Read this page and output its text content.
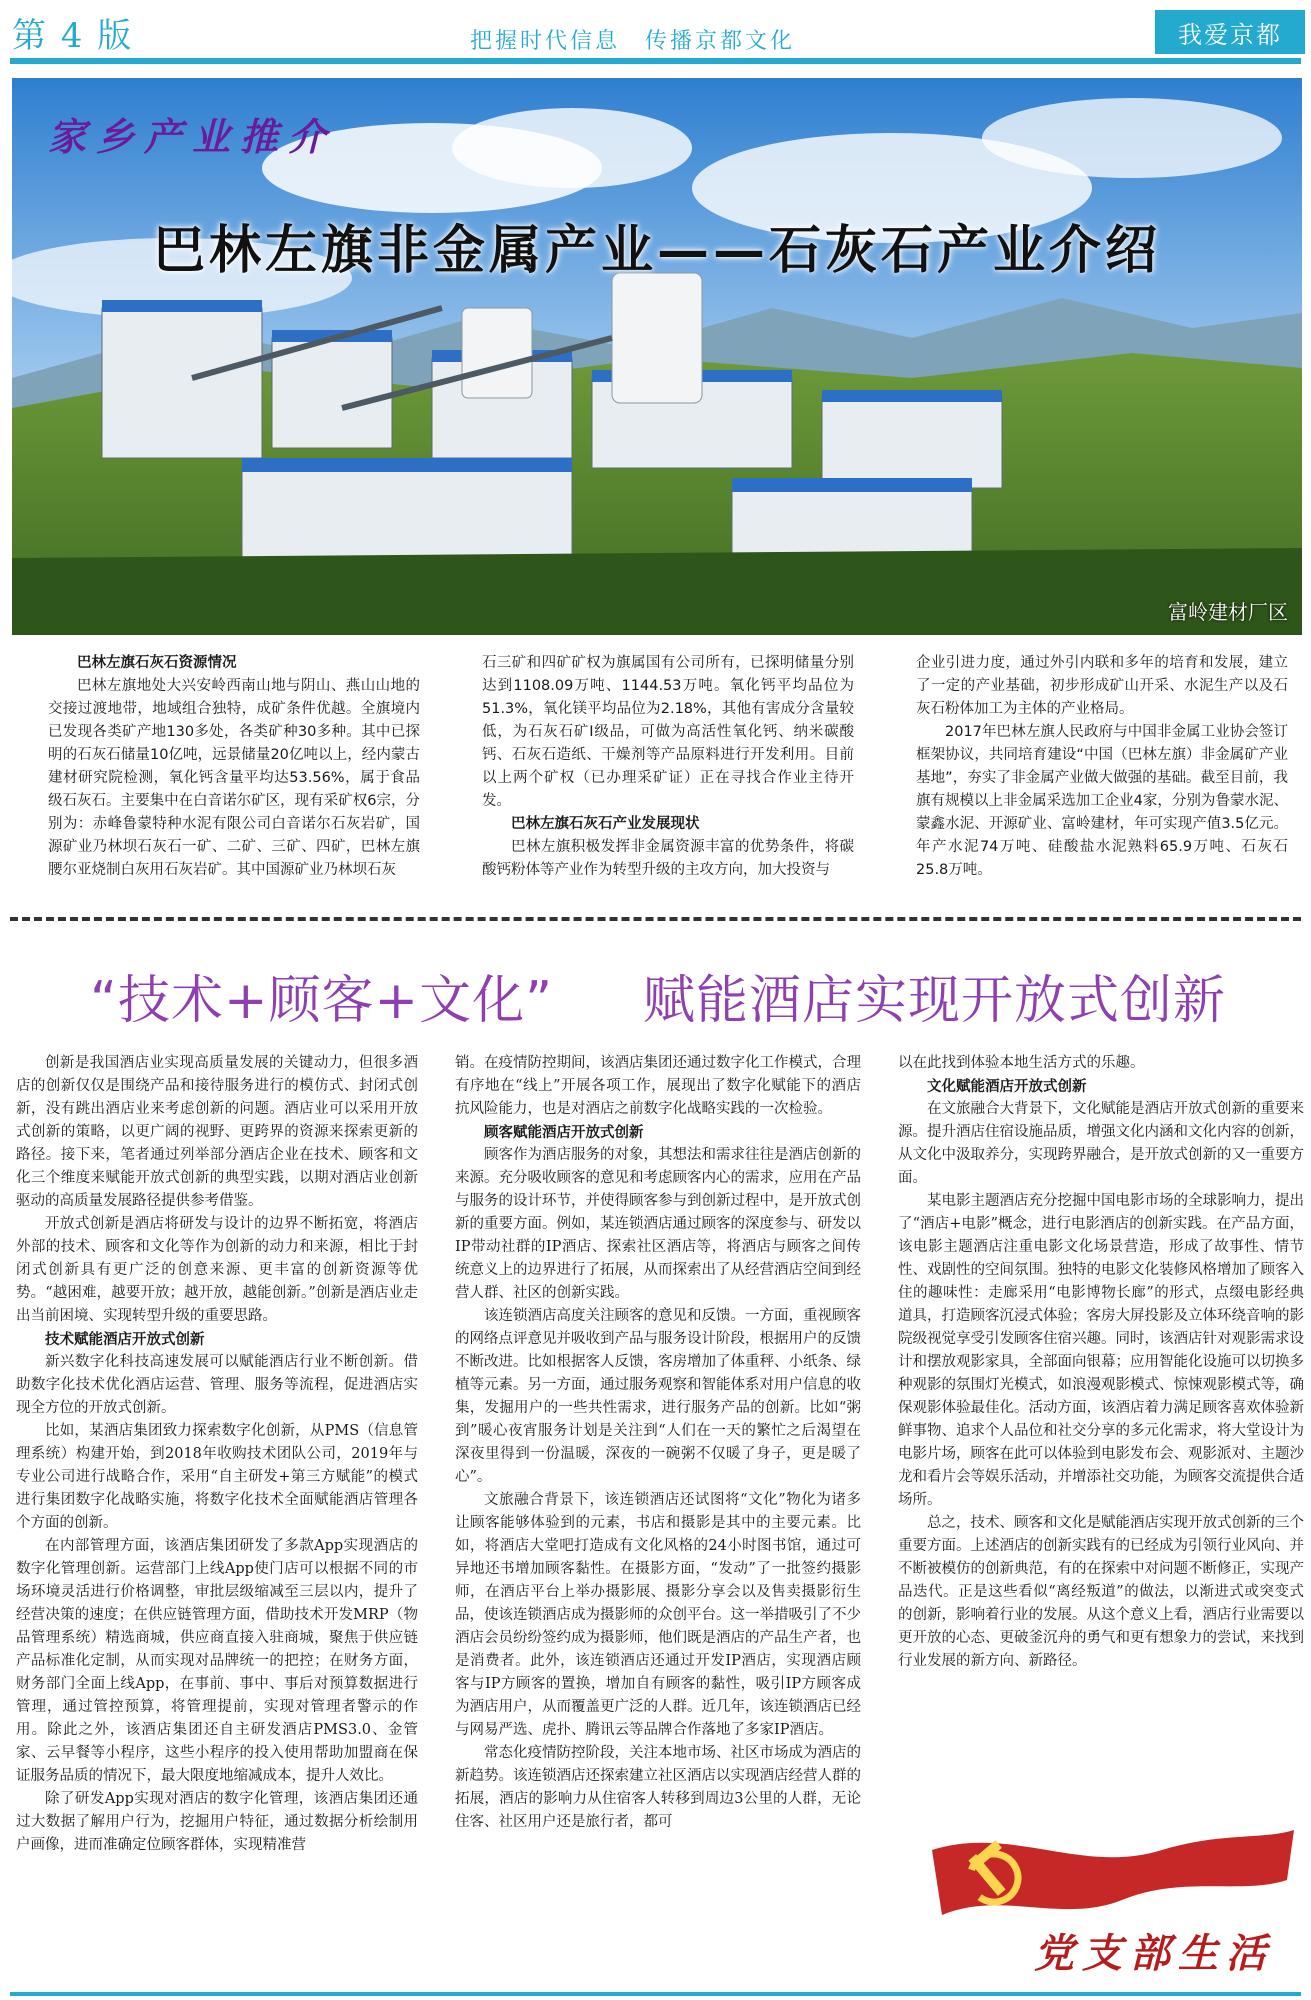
第 4 版	把握时代信息　传播京都文化	我爱京都
家乡产业推介
巴林左旗非金属产业——石灰石产业介绍
富岭建材厂区
巴林左旗石灰石资源情况

巴林左旗地处大兴安岭西南山地与阴山、燕山山地的交接过渡地带，地域组合独特，成矿条件优越。全旗境内已发现各类矿产地130多处，各类矿种30多种。其中已探明的石灰石储量10亿吨，远景储量20亿吨以上，经内蒙古建材研究院检测，氧化钙含量平均达53.56%，属于食品级石灰石。主要集中在白音诺尔矿区，现有采矿权6宗，分别为：赤峰鲁蒙特种水泥有限公司白音诺尔石灰岩矿，国源矿业乃林坝石灰石一矿、二矿、三矿、四矿，巴林左旗腰尔亚烧制白灰用石灰岩矿。其中国源矿业乃林坝石灰

石三矿和四矿矿权为旗属国有公司所有，已探明储量分别达到1108.09万吨、1144.53万吨。氧化钙平均品位为51.3%，氧化镁平均品位为2.18%，其他有害成分含量较低，为石灰石矿Ⅰ级品，可做为高活性氧化钙、纳米碳酸钙、石灰石造纸、干燥剂等产品原料进行开发利用。目前以上两个矿权（已办理采矿证）正在寻找合作业主待开发。

巴林左旗石灰石产业发展现状

巴林左旗积极发挥非金属资源丰富的优势条件，将碳酸钙粉体等产业作为转型升级的主攻方向，加大投资与

企业引进力度，通过外引内联和多年的培育和发展，建立了一定的产业基础，初步形成矿山开采、水泥生产以及石灰石粉体加工为主体的产业格局。

2017年巴林左旗人民政府与中国非金属工业协会签订框架协议，共同培育建设“中国（巴林左旗）非金属矿产业基地”，夯实了非金属产业做大做强的基础。截至目前，我旗有规模以上非金属采选加工企业4家，分别为鲁蒙水泥、蒙鑫水泥、开源矿业、富岭建材，年可实现产值3.5亿元。年产水泥74万吨、硅酸盐水泥熟料65.9万吨、石灰石25.8万吨。

“技术+顾客+文化” 赋能酒店实现开放式创新

创新是我国酒店业实现高质量发展的关键动力，但很多酒店的创新仅仅是围绕产品和接待服务进行的模仿式、封闭式创新，没有跳出酒店业来考虑创新的问题。酒店业可以采用开放式创新的策略，以更广阔的视野、更跨界的资源来探索更新的路径。接下来，笔者通过列举部分酒店企业在技术、顾客和文化三个维度来赋能开放式创新的典型实践，以期对酒店业创新驱动的高质量发展路径提供参考借鉴。

开放式创新是酒店将研发与设计的边界不断拓宽，将酒店外部的技术、顾客和文化等作为创新的动力和来源，相比于封闭式创新具有更广泛的创意来源、更丰富的创新资源等优势。“越困难，越要开放；越开放，越能创新。”创新是酒店业走出当前困境、实现转型升级的重要思路。

技术赋能酒店开放式创新

新兴数字化科技高速发展可以赋能酒店行业不断创新。借助数字化技术优化酒店运营、管理、服务等流程，促进酒店实现全方位的开放式创新。

比如，某酒店集团致力探索数字化创新，从PMS（信息管理系统）构建开始，到2018年收购技术团队公司，2019年与专业公司进行战略合作，采用“自主研发+第三方赋能”的模式进行集团数字化战略实施，将数字化技术全面赋能酒店管理各个方面的创新。

在内部管理方面，该酒店集团研发了多款App实现酒店的数字化管理创新。运营部门上线App使门店可以根据不同的市场环境灵活进行价格调整，审批层级缩减至三层以内，提升了经营决策的速度；在供应链管理方面，借助技术开发MRP（物品管理系统）精选商城，供应商直接入驻商城，聚焦于供应链产品标准化定制，从而实现对品牌统一的把控；在财务方面，财务部门全面上线App，在事前、事中、事后对预算数据进行管理，通过管控预算，将管理提前，实现对管理者警示的作用。除此之外，该酒店集团还自主研发酒店PMS3.0、金管家、云早餐等小程序，这些小程序的投入使用帮助加盟商在保证服务品质的情况下，最大限度地缩减成本，提升人效比。

除了研发App实现对酒店的数字化管理，该酒店集团还通过大数据了解用户行为，挖掘用户特征，通过数据分析绘制用户画像，进而准确定位顾客群体，实现精准营

销。在疫情防控期间，该酒店集团还通过数字化工作模式，合理有序地在“线上”开展各项工作，展现出了数字化赋能下的酒店抗风险能力，也是对酒店之前数字化战略实践的一次检验。

顾客赋能酒店开放式创新

顾客作为酒店服务的对象，其想法和需求往往是酒店创新的来源。充分吸收顾客的意见和考虑顾客内心的需求，应用在产品与服务的设计环节，并使得顾客参与到创新过程中，是开放式创新的重要方面。例如，某连锁酒店通过顾客的深度参与、研发以IP带动社群的IP酒店、探索社区酒店等，将酒店与顾客之间传统意义上的边界进行了拓展，从而探索出了从经营酒店空间到经营人群、社区的创新实践。

该连锁酒店高度关注顾客的意见和反馈。一方面，重视顾客的网络点评意见并吸收到产品与服务设计阶段，根据用户的反馈不断改进。比如根据客人反馈，客房增加了体重秤、小纸条、绿植等元素。另一方面，通过服务观察和智能体系对用户信息的收集，发掘用户的一些共性需求，进行服务产品的创新。比如“粥到”暖心夜宵服务计划是关注到“人们在一天的繁忙之后渴望在深夜里得到一份温暖，深夜的一碗粥不仅暖了身子，更是暖了心”。

文旅融合背景下，该连锁酒店还试图将“文化”物化为诸多让顾客能够体验到的元素，书店和摄影是其中的主要元素。比如，将酒店大堂吧打造成有文化风格的24小时图书馆，通过可异地还书增加顾客黏性。在摄影方面，“发动”了一批签约摄影师，在酒店平台上举办摄影展、摄影分享会以及售卖摄影衍生品，使该连锁酒店成为摄影师的众创平台。这一举措吸引了不少酒店会员纷纷签约成为摄影师，他们既是酒店的产品生产者，也是消费者。此外，该连锁酒店还通过开发IP酒店，实现酒店顾客与IP方顾客的置换，增加自有顾客的黏性，吸引IP方顾客成为酒店用户，从而覆盖更广泛的人群。近几年，该连锁酒店已经与网易严选、虎扑、腾讯云等品牌合作落地了多家IP酒店。

常态化疫情防控阶段，关注本地市场、社区市场成为酒店的新趋势。该连锁酒店还探索建立社区酒店以实现酒店经营人群的拓展，酒店的影响力从住宿客人转移到周边3公里的人群，无论住客、社区用户还是旅行者，都可

以在此找到体验本地生活方式的乐趣。

文化赋能酒店开放式创新

在文旅融合大背景下，文化赋能是酒店开放式创新的重要来源。提升酒店住宿设施品质，增强文化内涵和文化内容的创新，从文化中汲取养分，实现跨界融合，是开放式创新的又一重要方面。

某电影主题酒店充分挖掘中国电影市场的全球影响力，提出了“酒店+电影”概念，进行电影酒店的创新实践。在产品方面，该电影主题酒店注重电影文化场景营造，形成了故事性、情节性、戏剧性的空间氛围。独特的电影文化装修风格增加了顾客入住的趣味性：走廊采用“电影博物长廊”的形式，点缀电影经典道具，打造顾客沉浸式体验；客房大屏投影及立体环绕音响的影院级视觉享受引发顾客住宿兴趣。同时，该酒店针对观影需求设计和摆放观影家具，全部面向银幕；应用智能化设施可以切换多种观影的氛围灯光模式，如浪漫观影模式、惊悚观影模式等，确保观影体验最佳化。活动方面，该酒店着力满足顾客喜欢体验新鲜事物、追求个人品位和社交分享的多元化需求，将大堂设计为电影片场，顾客在此可以体验到电影发布会、观影派对、主题沙龙和看片会等娱乐活动，并增添社交功能，为顾客交流提供合适场所。

总之，技术、顾客和文化是赋能酒店实现开放式创新的三个重要方面。上述酒店的创新实践有的已经成为引领行业风向、并不断被模仿的创新典范，有的在探索中对问题不断修正，实现产品迭代。正是这些看似“离经叛道”的做法，以渐进式或突变式的创新，影响着行业的发展。从这个意义上看，酒店行业需要以更开放的心态、更破釜沉舟的勇气和更有想象力的尝试，来找到行业发展的新方向、新路径。

党支部生活
